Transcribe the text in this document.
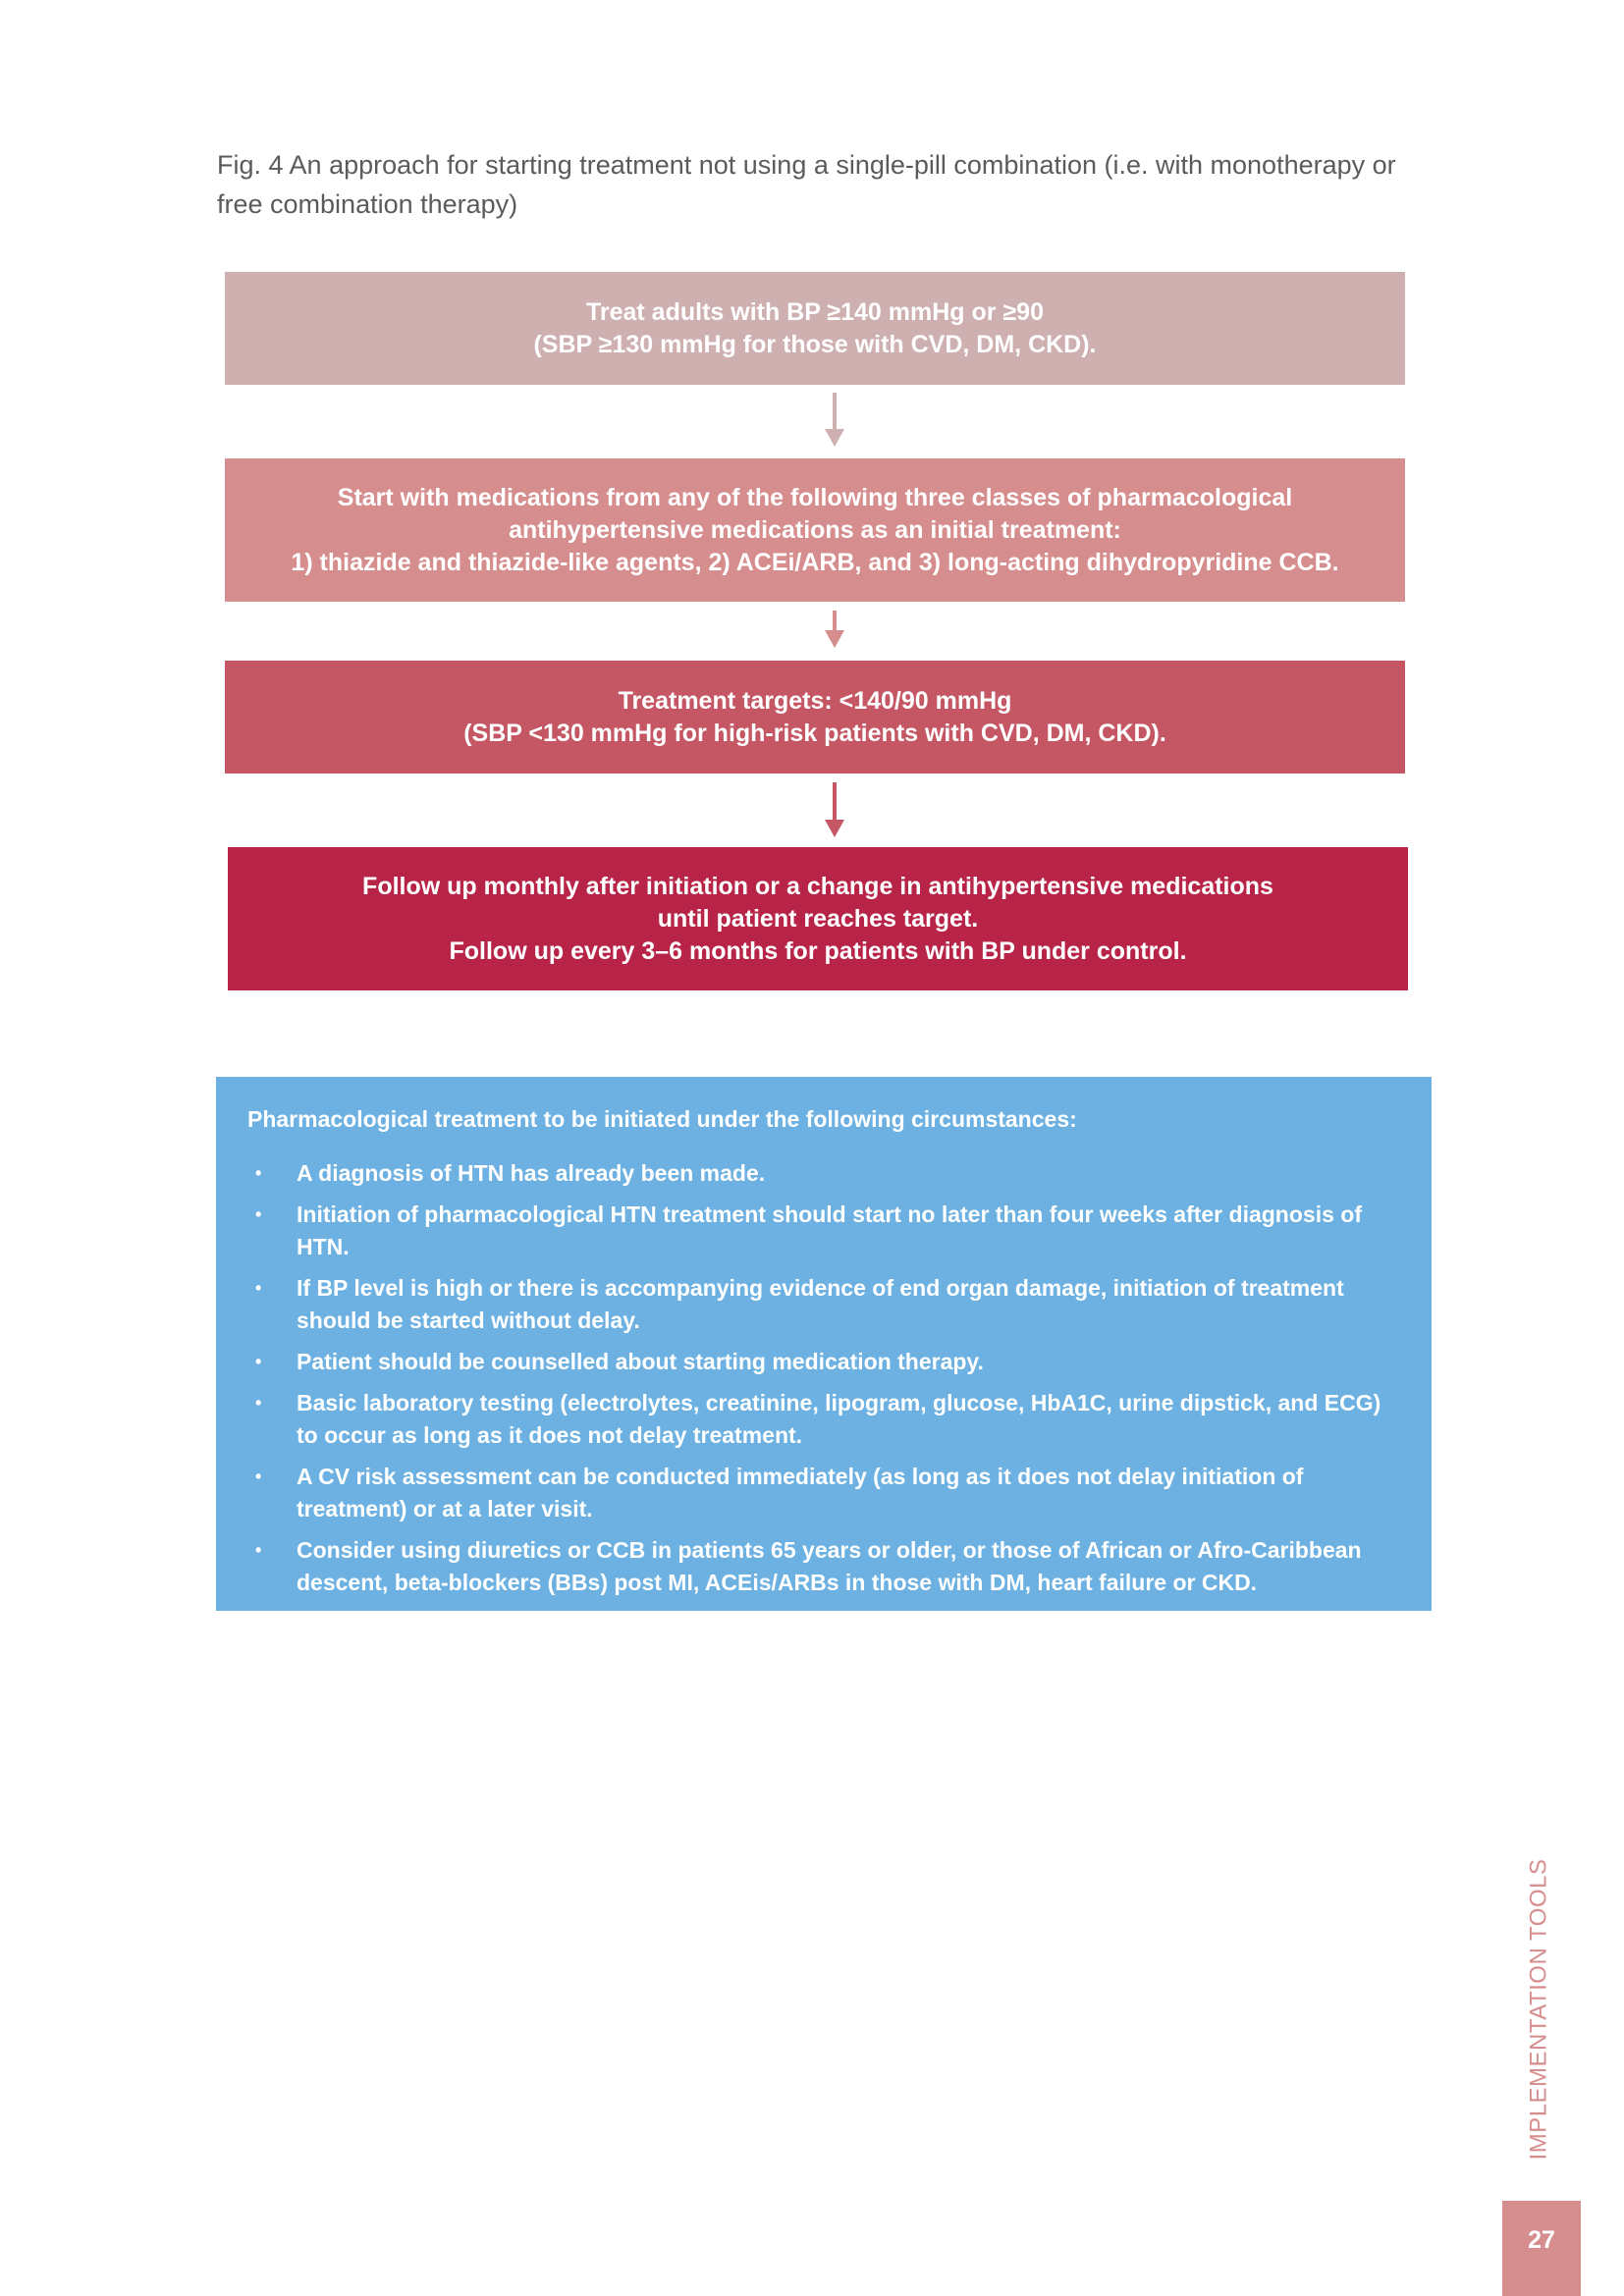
Fig. 4 An approach for starting treatment not using a single-pill combination (i.e. with monotherapy or free combination therapy)
Treat adults with BP ≥140 mmHg or ≥90
(SBP ≥130 mmHg for those with CVD, DM, CKD).
Start with medications from any of the following three classes of pharmacological
antihypertensive medications as an initial treatment:
1) thiazide and thiazide-like agents, 2) ACEi/ARB, and 3) long-acting dihydropyridine CCB.
Treatment targets: <140/90 mmHg
(SBP <130 mmHg for high-risk patients with CVD, DM, CKD).
Follow up monthly after initiation or a change in antihypertensive medications
until patient reaches target.
Follow up every 3–6 months for patients with BP under control.
Pharmacological treatment to be initiated under the following circumstances:
• A diagnosis of HTN has already been made.
• Initiation of pharmacological HTN treatment should start no later than four weeks after diagnosis of HTN.
• If BP level is high or there is accompanying evidence of end organ damage, initiation of treatment should be started without delay.
• Patient should be counselled about starting medication therapy.
• Basic laboratory testing (electrolytes, creatinine, lipogram, glucose, HbA1C, urine dipstick, and ECG) to occur as long as it does not delay treatment.
• A CV risk assessment can be conducted immediately (as long as it does not delay initiation of treatment) or at a later visit.
• Consider using diuretics or CCB in patients 65 years or older, or those of African or Afro-Caribbean descent, beta-blockers (BBs) post MI, ACEis/ARBs in those with DM, heart failure or CKD.
IMPLEMENTATION TOOLS
27
